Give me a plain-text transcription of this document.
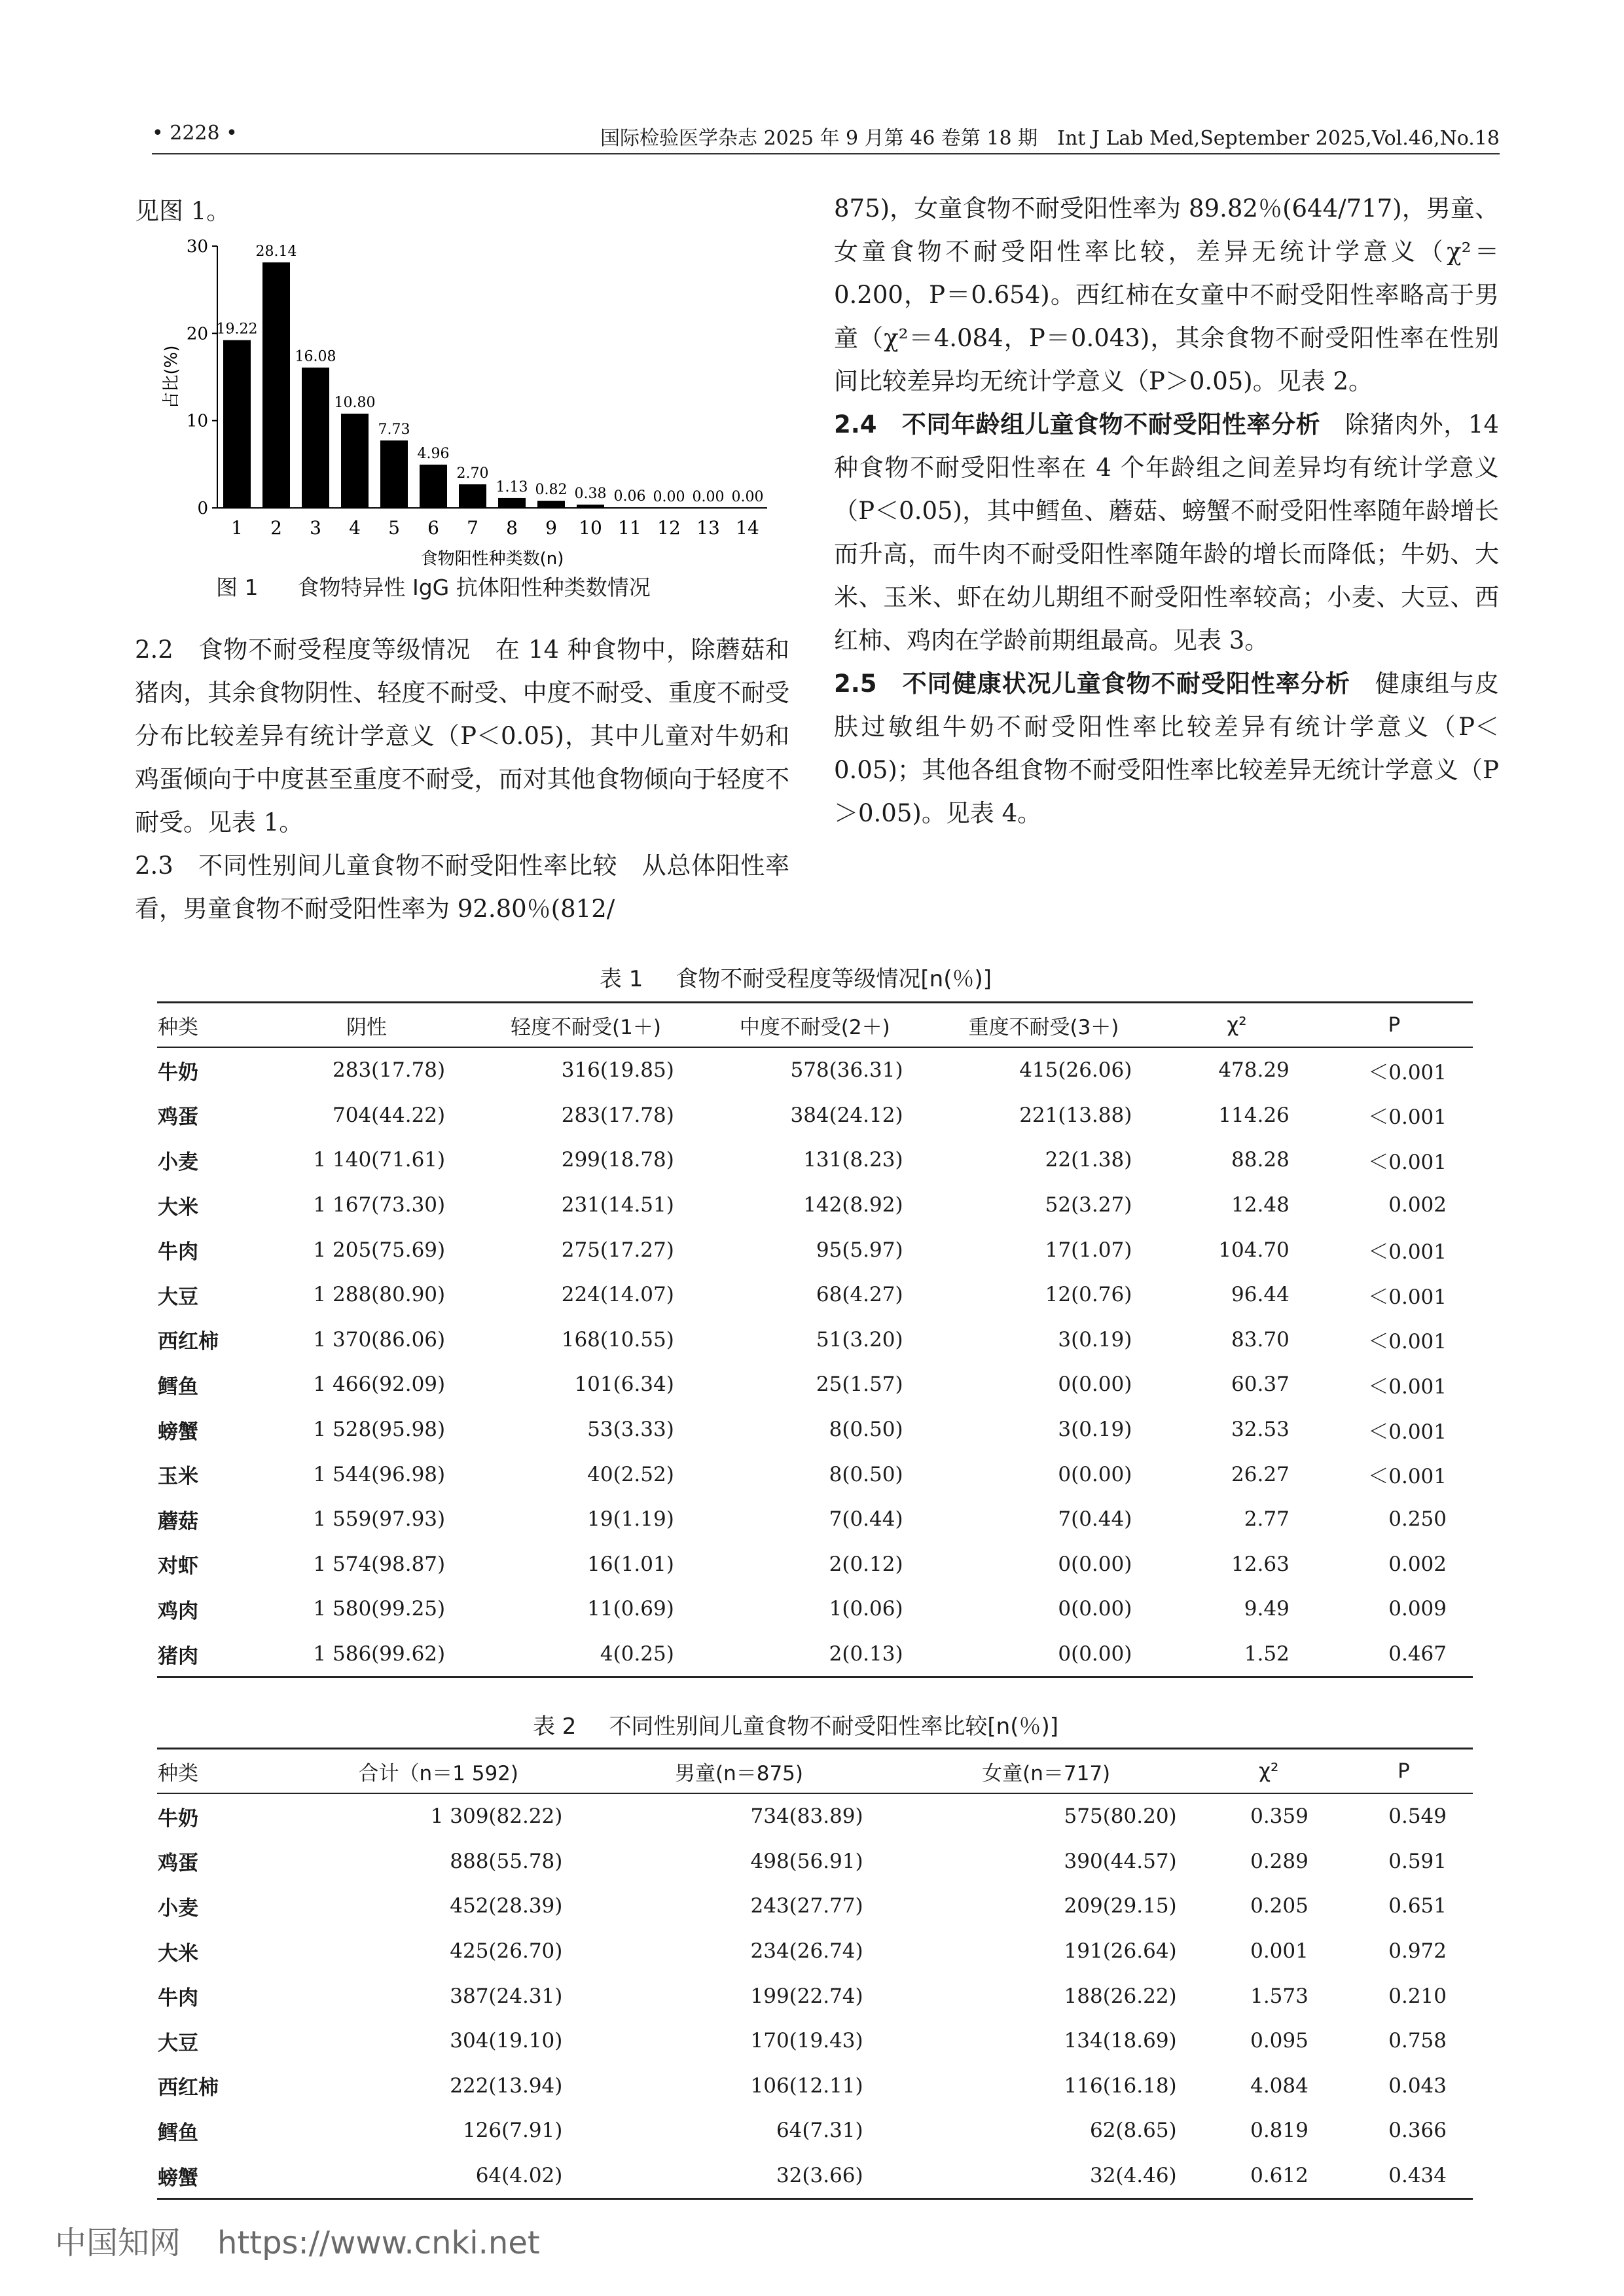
• 2228 •	国际检验医学杂志 2025 年 9 月第 46 卷第 18 期　Int J Lab Med,September 2025,Vol.46,No.18

见图 1。

0
10
20
30
占比(%)
19.22
1
28.14
2
16.08
3
10.80
4
7.73
5
4.96
6
2.70
7
1.13
8
0.82
9
0.38
10
0.06
11
0.00
12
0.00
13
0.00
14
食物阳性种类数(n)
图 1 食物特异性 IgG 抗体阳性种类数情况

2.2　食物不耐受程度等级情况　在 14 种食物中，除蘑菇和猪肉，其余食物阴性、轻度不耐受、中度不耐受、重度不耐受分布比较差异有统计学意义（P＜0.05)，其中儿童对牛奶和鸡蛋倾向于中度甚至重度不耐受，而对其他食物倾向于轻度不耐受。见表 1。

2.3　不同性别间儿童食物不耐受阳性率比较　从总体阳性率看，男童食物不耐受阳性率为 92.80％(812/

875)，女童食物不耐受阳性率为 89.82％(644/717)，男童、女童食物不耐受阳性率比较，差异无统计学意义（χ²＝0.200，P＝0.654)。西红柿在女童中不耐受阳性率略高于男童（χ²＝4.084，P＝0.043)，其余食物不耐受阳性率在性别间比较差异均无统计学意义（P＞0.05)。见表 2。

2.4　不同年龄组儿童食物不耐受阳性率分析　除猪肉外，14 种食物不耐受阳性率在 4 个年龄组之间差异均有统计学意义（P＜0.05)，其中鳕鱼、蘑菇、螃蟹不耐受阳性率随年龄增长而升高，而牛肉不耐受阳性率随年龄的增长而降低；牛奶、大米、玉米、虾在幼儿期组不耐受阳性率较高；小麦、大豆、西红柿、鸡肉在学龄前期组最高。见表 3。

2.5　不同健康状况儿童食物不耐受阳性率分析　健康组与皮肤过敏组牛奶不耐受阳性率比较差异有统计学意义（P＜0.05)；其他各组食物不耐受阳性率比较差异无统计学意义（P＞0.05)。见表 4。

表 1 食物不耐受程度等级情况[n(％)]
种类	阴性	轻度不耐受(1＋)	中度不耐受(2＋)	重度不耐受(3＋)	χ²	P
牛奶	283(17.78)	316(19.85)	578(36.31)	415(26.06)	478.29	＜0.001
鸡蛋	704(44.22)	283(17.78)	384(24.12)	221(13.88)	114.26	＜0.001
小麦	1 140(71.61)	299(18.78)	131(8.23)	22(1.38)	88.28	＜0.001
大米	1 167(73.30)	231(14.51)	142(8.92)	52(3.27)	12.48	0.002
牛肉	1 205(75.69)	275(17.27)	95(5.97)	17(1.07)	104.70	＜0.001
大豆	1 288(80.90)	224(14.07)	68(4.27)	12(0.76)	96.44	＜0.001
西红柿	1 370(86.06)	168(10.55)	51(3.20)	3(0.19)	83.70	＜0.001
鳕鱼	1 466(92.09)	101(6.34)	25(1.57)	0(0.00)	60.37	＜0.001
螃蟹	1 528(95.98)	53(3.33)	8(0.50)	3(0.19)	32.53	＜0.001
玉米	1 544(96.98)	40(2.52)	8(0.50)	0(0.00)	26.27	＜0.001
蘑菇	1 559(97.93)	19(1.19)	7(0.44)	7(0.44)	2.77	0.250
对虾	1 574(98.87)	16(1.01)	2(0.12)	0(0.00)	12.63	0.002
鸡肉	1 580(99.25)	11(0.69)	1(0.06)	0(0.00)	9.49	0.009
猪肉	1 586(99.62)	4(0.25)	2(0.13)	0(0.00)	1.52	0.467
表 2 不同性别间儿童食物不耐受阳性率比较[n(％)]
种类	合计（n＝1 592)	男童(n＝875)	女童(n＝717)	χ²	P
牛奶	1 309(82.22)	734(83.89)	575(80.20)	0.359	0.549
鸡蛋	888(55.78)	498(56.91)	390(44.57)	0.289	0.591
小麦	452(28.39)	243(27.77)	209(29.15)	0.205	0.651
大米	425(26.70)	234(26.74)	191(26.64)	0.001	0.972
牛肉	387(24.31)	199(22.74)	188(26.22)	1.573	0.210
大豆	304(19.10)	170(19.43)	134(18.69)	0.095	0.758
西红柿	222(13.94)	106(12.11)	116(16.18)	4.084	0.043
鳕鱼	126(7.91)	64(7.31)	62(8.65)	0.819	0.366
螃蟹	64(4.02)	32(3.66)	32(4.46)	0.612	0.434
中国知网 https://www.cnki.net
